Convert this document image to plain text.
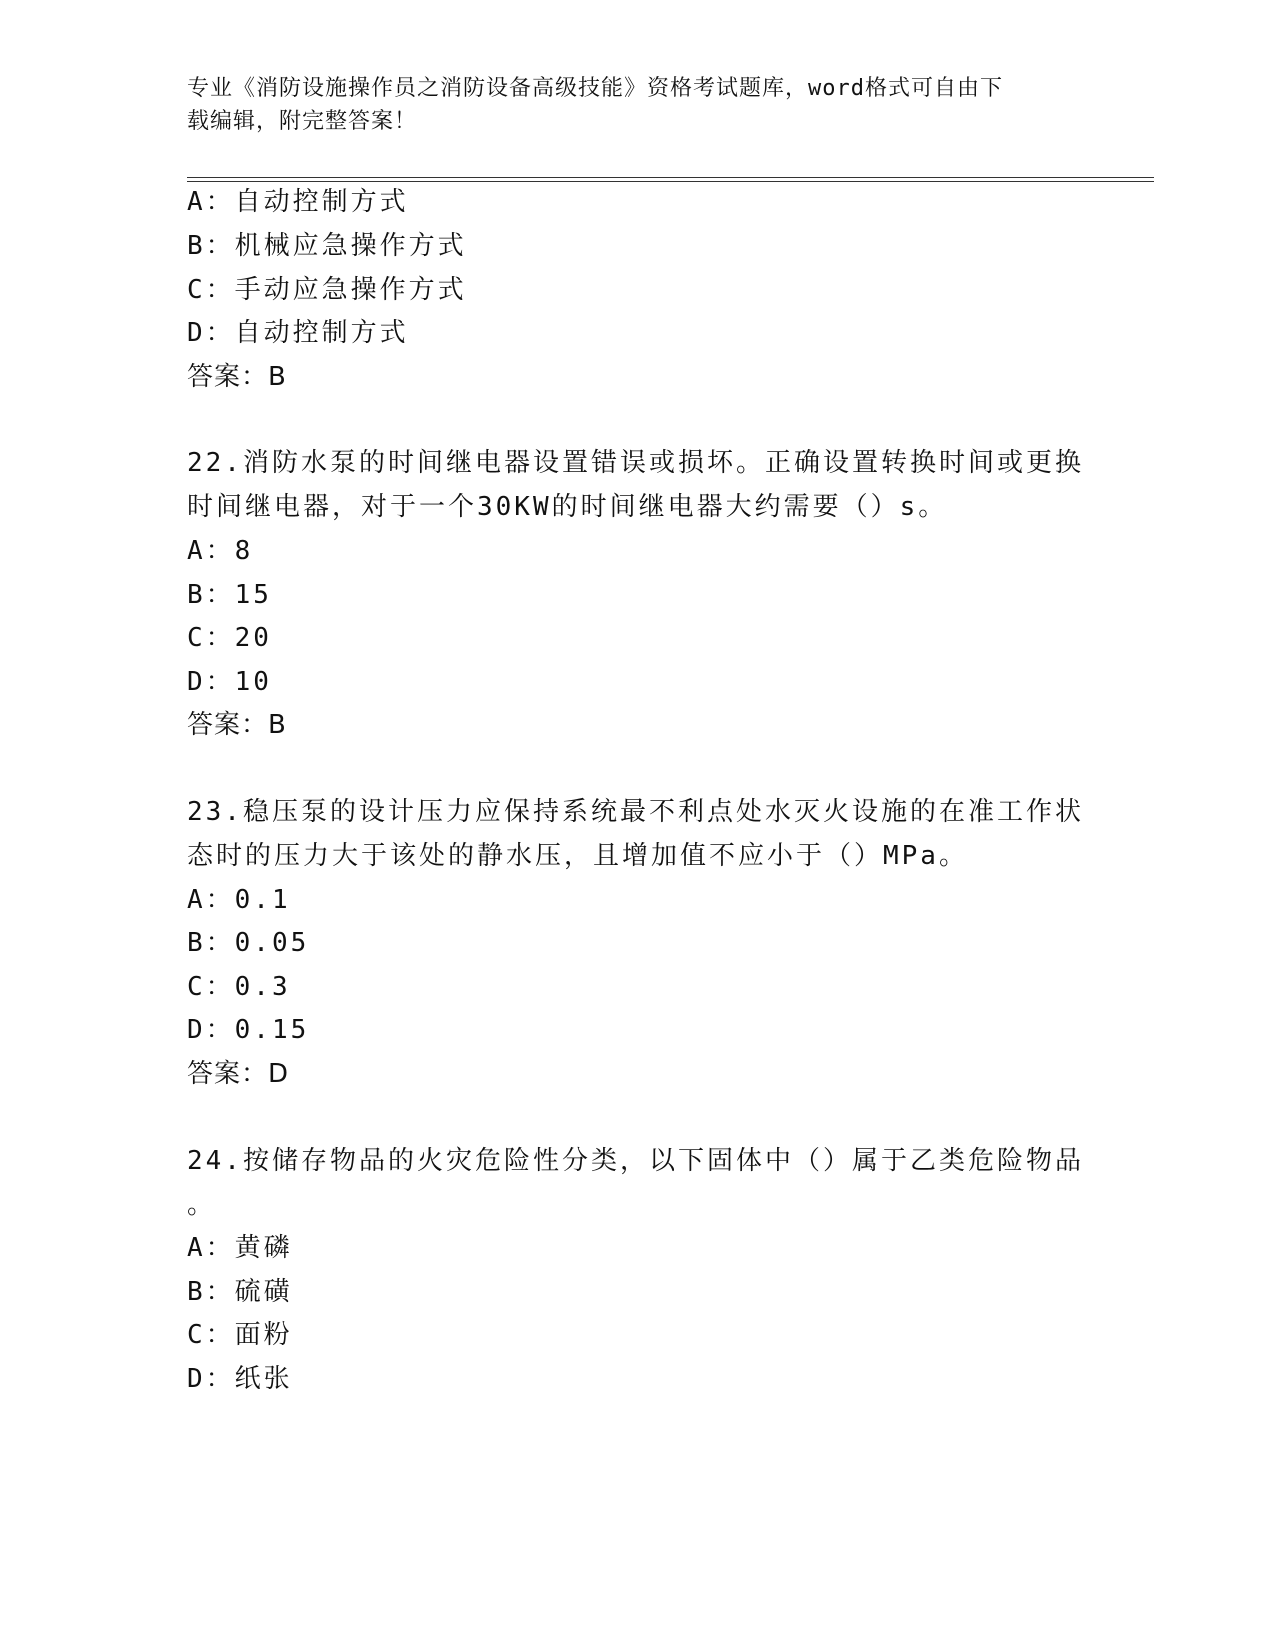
专业《消防设施操作员之消防设备高级技能》资格考试题库，word格式可自由下
载编辑，附完整答案！
A：自动控制方式
B：机械应急操作方式
C：手动应急操作方式
D：自动控制方式
答案：B
22.消防水泵的时间继电器设置错误或损坏。正确设置转换时间或更换
时间继电器，对于一个30KW的时间继电器大约需要（）s。
A：8
B：15
C：20
D：10
答案：B
23.稳压泵的设计压力应保持系统最不利点处水灭火设施的在准工作状
态时的压力大于该处的静水压，且增加值不应小于（）MPa。
A：0.1
B：0.05
C：0.3
D：0.15
答案：D
24.按储存物品的火灾危险性分类，以下固体中（）属于乙类危险物品
。
A：黄磷
B：硫磺
C：面粉
D：纸张
